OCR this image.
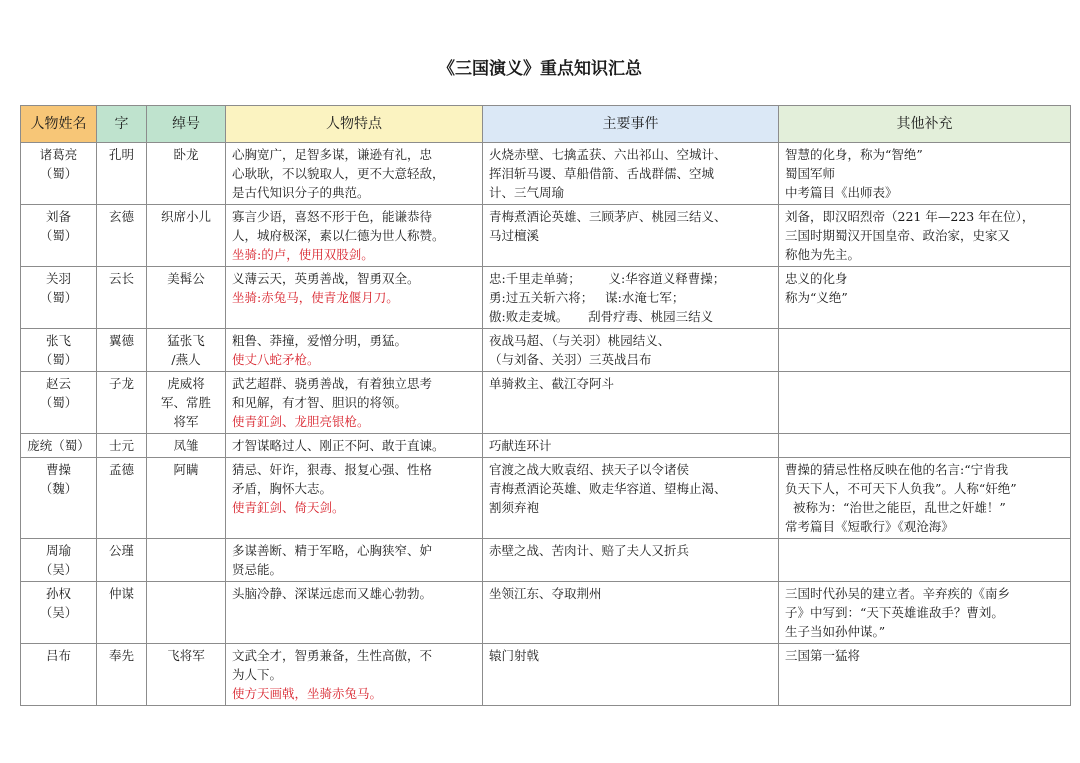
《三国演义》重点知识汇总
人物姓名	字	绰号	人物特点	主要事件	其他补充

诸葛亮
（蜀）	孔明	卧龙	心胸宽广，足智多谋，谦逊有礼，忠
心耿耿，不以貌取人，更不大意轻敌，
是古代知识分子的典范。	火烧赤壁、七擒孟获、六出祁山、空城计、
挥泪斩马谡、草船借箭、舌战群儒、空城
计、三气周瑜	智慧的化身，称为“智绝”
蜀国军师
中考篇目《出师表》

刘备
（蜀）	玄德	织席小儿	寡言少语，喜怒不形于色，能谦恭待
人，城府极深，素以仁德为世人称赞。
坐骑:的卢，使用双股剑。	青梅煮酒论英雄、三顾茅庐、桃园三结义、
马过檀溪	刘备，即汉昭烈帝（221 年—223 年在位），
三国时期蜀汉开国皇帝、政治家，史家又
称他为先主。

关羽
（蜀）	云长	美髯公	义薄云天，英勇善战，智勇双全。
坐骑:赤兔马，使青龙偃月刀。	忠:千里走单骑；       义:华容道义释曹操；
勇:过五关斩六将；   谋:水淹七军；
傲:败走麦城。     刮骨疗毒、桃园三结义	忠义的化身
称为“义绝”

张飞
（蜀）	翼德	猛张飞
/燕人	粗鲁、莽撞，爱憎分明，勇猛。
使丈八蛇矛枪。	夜战马超、（与关羽）桃园结义、
（与刘备、关羽）三英战吕布	

赵云
（蜀）	子龙	虎威将
军、常胜
将军	武艺超群、骁勇善战，有着独立思考
和见解，有才智、胆识的将领。
使青釭剑、龙胆亮银枪。	单骑救主、截江夺阿斗	

庞统（蜀）	士元	凤雏	才智谋略过人、刚正不阿、敢于直谏。	巧献连环计	

曹操
（魏）	孟德	阿瞒	猜忌、奸诈，狠毒、报复心强、性格
矛盾，胸怀大志。
使青釭剑、倚天剑。	官渡之战大败袁绍、挟天子以令诸侯
青梅煮酒论英雄、败走华容道、望梅止渴、
割须弃袍	曹操的猜忌性格反映在他的名言:“宁肯我
负天下人，不可天下人负我”。人称“奸绝”
被称为：“治世之能臣，乱世之奸雄！”
常考篇目《短歌行》《观沧海》

周瑜
（吴）	公瑾		多谋善断、精于军略，心胸狭窄、妒
贤忌能。	赤壁之战、苦肉计、赔了夫人又折兵	

孙权
（吴）	仲谋		头脑冷静、深谋远虑而又雄心勃勃。	坐领江东、夺取荆州	三国时代孙吴的建立者。辛弃疾的《南乡
子》中写到：“天下英雄谁敌手？曹刘。
生子当如孙仲谋。”

吕布	奉先	飞将军	文武全才，智勇兼备，生性高傲，不
为人下。
使方天画戟，坐骑赤兔马。	辕门射戟	三国第一猛将
